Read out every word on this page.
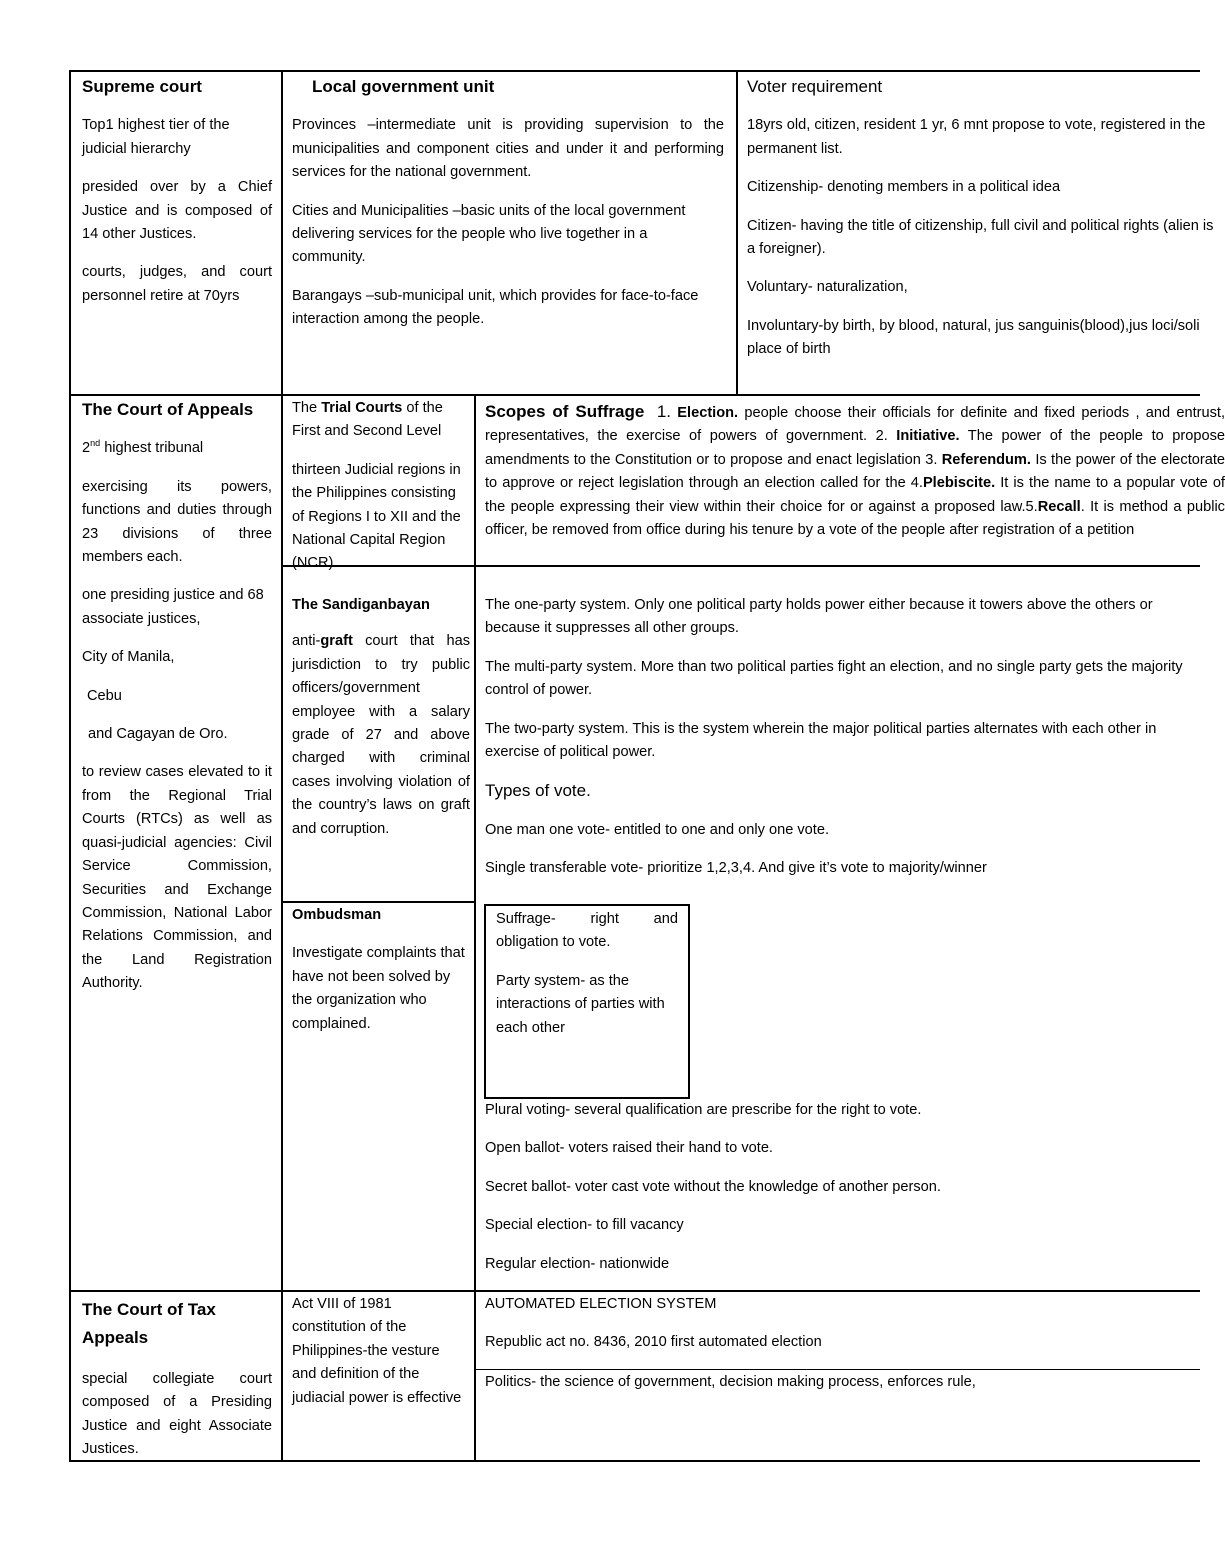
Supreme court

Top1 highest tier of the judicial hierarchy

presided over by a Chief Justice and is composed of 14 other Justices.

courts, judges, and court personnel retire at 70yrs

Local government unit

Provinces –intermediate unit is providing supervision to the municipalities and component cities and under it and performing services for the national government.

Cities and Municipalities –basic units of the local government delivering services for the people who live together in a community.

Barangays –sub-municipal unit, which provides for face-to-face interaction among the people.

Voter requirement

18yrs old, citizen, resident 1 yr, 6 mnt propose to vote, registered in the permanent list.

Citizenship- denoting members in a political idea

Citizen- having the title of citizenship, full civil and political rights (alien is a foreigner).

Voluntary- naturalization,

Involuntary-by birth, by blood, natural, jus sanguinis(blood),jus loci/soli place of birth

The Court of Appeals

2nd highest tribunal

exercising its powers, functions and duties through 23 divisions of three members each.

one presiding justice and 68 associate justices,

City of Manila,

Cebu

and Cagayan de Oro.

to review cases elevated to it from the Regional Trial Courts (RTCs) as well as quasi-judicial agencies: Civil Service Commission, Securities and Exchange Commission, National Labor Relations Commission, and the Land Registration Authority.

The Trial Courts of the First and Second Level

thirteen Judicial regions in the Philippines consisting of Regions I to XII and the National Capital Region (NCR).

Scopes of Suffrage 1. Election. people choose their officials for definite and fixed periods , and entrust, representatives, the exercise of powers of government. 2. Initiative. The power of the people to propose amendments to the Constitution or to propose and enact legislation 3. Referendum. Is the power of the electorate to approve or reject legislation through an election called for the 4.Plebiscite. It is the name to a popular vote of the people expressing their view within their choice for or against a proposed law.5.Recall. It is method a public officer, be removed from office during his tenure by a vote of the people after registration of a petition

The Sandiganbayan

anti-graft court that has jurisdiction to try public officers/government employee with a salary grade of 27 and above charged with criminal cases involving violation of the country’s laws on graft and corruption.

The one-party system. Only one political party holds power either because it towers above the others or because it suppresses all other groups.

The multi-party system. More than two political parties fight an election, and no single party gets the majority control of power.

The two-party system. This is the system wherein the major political parties alternates with each other in exercise of political power.

Types of vote.

One man one vote- entitled to one and only one vote.

Single transferable vote- prioritize 1,2,3,4. And give it’s vote to majority/winner

Ombudsman

Investigate complaints that have not been solved by the organization who complained.

Suffrage- right and obligation to vote.

Party system- as the interactions of parties with each other

Plural voting- several qualification are prescribe for the right to vote.

Open ballot- voters raised their hand to vote.

Secret ballot- voter cast vote without the knowledge of another person.

Special election- to fill vacancy

Regular election- nationwide

The Court of Tax Appeals

special collegiate court composed of a Presiding Justice and eight Associate Justices.

Act VIII of 1981 constitution of the Philippines-the vesture and definition of the judiacial power is effective

AUTOMATED ELECTION SYSTEM

Republic act no. 8436, 2010 first automated election

Politics- the science of government, decision making process, enforces rule,
